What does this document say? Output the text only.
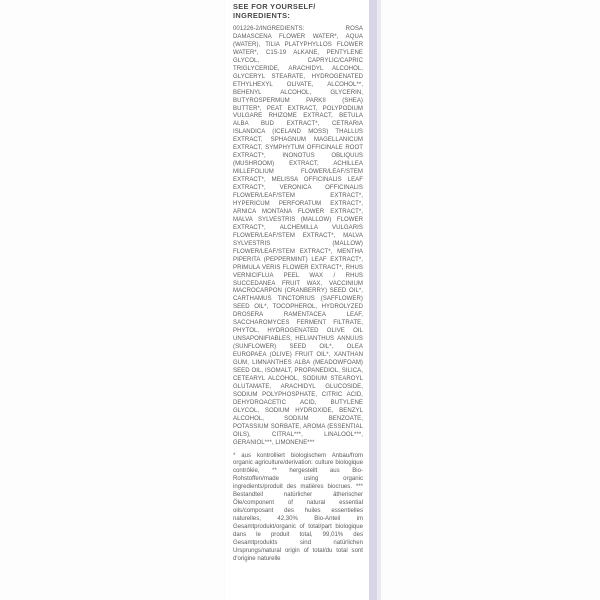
SEE FOR YOURSELF/
INGREDIENTS:

001226-2/INGREDIENTS: ROSA DAMASCENA FLOWER WATER*, AQUA (WATER), TILIA PLATYPHYLLOS FLOWER WATER*, C15-19 ALKANE, PENTYLENE GLYCOL, CAPRYLIC/CAPRIC TRIGLYCERIDE, ARACHIDYL ALCOHOL, GLYCERYL STEARATE, HYDROGENATED ETHYLHEXYL OLIVATE, ALCOHOL**, BEHENYL ALCOHOL, GLYCERIN, BUTYROSPERMUM PARKII (SHEA) BUTTER*, PEAT EXTRACT, POLYPODIUM VULGARE RHIZOME EXTRACT, BETULA ALBA BUD EXTRACT*, CETRARIA ISLANDICA (ICELAND MOSS) THALLUS EXTRACT, SPHAGNUM MAGELLANICUM EXTRACT, SYMPHYTUM OFFICINALE ROOT EXTRACT*, INONOTUS OBLIQUUS (MUSHROOM) EXTRACT, ACHILLEA MILLEFOLIUM FLOWER/LEAF/STEM EXTRACT*, MELISSA OFFICINALIS LEAF EXTRACT*, VERONICA OFFICINALIS FLOWER/LEAF/STEM EXTRACT*, HYPERICUM PERFORATUM EXTRACT*, ARNICA MONTANA FLOWER EXTRACT*, MALVA SYLVESTRIS (MALLOW) FLOWER EXTRACT*, ALCHEMILLA VULGARIS FLOWER/LEAF/STEM EXTRACT*, MALVA SYLVESTRIS (MALLOW) FLOWER/LEAF/STEM EXTRACT*, MENTHA PIPERITA (PEPPERMINT) LEAF EXTRACT*, PRIMULA VERIS FLOWER EXTRACT*, RHUS VERNICIFLUA PEEL WAX / RHUS SUCCEDANEA FRUIT WAX, VACCINIUM MACROCARPON (CRANBERRY) SEED OIL*, CARTHAMUS TINCTORIUS (SAFFLOWER) SEED OIL*, TOCOPHEROL, HYDROLYZED DROSERA RAMENTACEA LEAF, SACCHAROMYCES FERMENT FILTRATE, PHYTOL, HYDROGENATED OLIVE OIL UNSAPONIFIABLES, HELIANTHUS ANNUUS (SUNFLOWER) SEED OIL*, OLEA EUROPAEA (OLIVE) FRUIT OIL*, XANTHAN GUM, LIMNANTHES ALBA (MEADOWFOAM) SEED OIL, ISOMALT, PROPANEDIOL, SILICA, CETEARYL ALCOHOL, SODIUM STEAROYL GLUTAMATE, ARACHIDYL GLUCOSIDE, SODIUM POLYPHOSPHATE, CITRIC ACID, DEHYDROACETIC ACID, BUTYLENE GLYCOL, SODIUM HYDROXIDE, BENZYL ALCOHOL, SODIUM BENZOATE, POTASSIUM SORBATE, AROMA (ESSENTIAL OILS), CITRAL***, LINALOOL***, GERANIOL***, LIMONENE***

* aus kontrolliert biologischem Anbau/from organic agriculture/derivation: culture biologique contrôlée, ** hergestellt aus Bio-Rohstoffen/made using organic ingredients/produit des matières biocrues. *** Bestandteil natürlicher ätherischer Öle/component of natural essential oils/composant des huiles essentielles naturelles, 42,30% Bio-Anteil im Gesamtprodukt/organic of total/part biologique dans le produit total, 99,01% des Gesamtprodukts sind natürlichen Ursprungs/natural origin of total/du total sont d'origine naturelle
